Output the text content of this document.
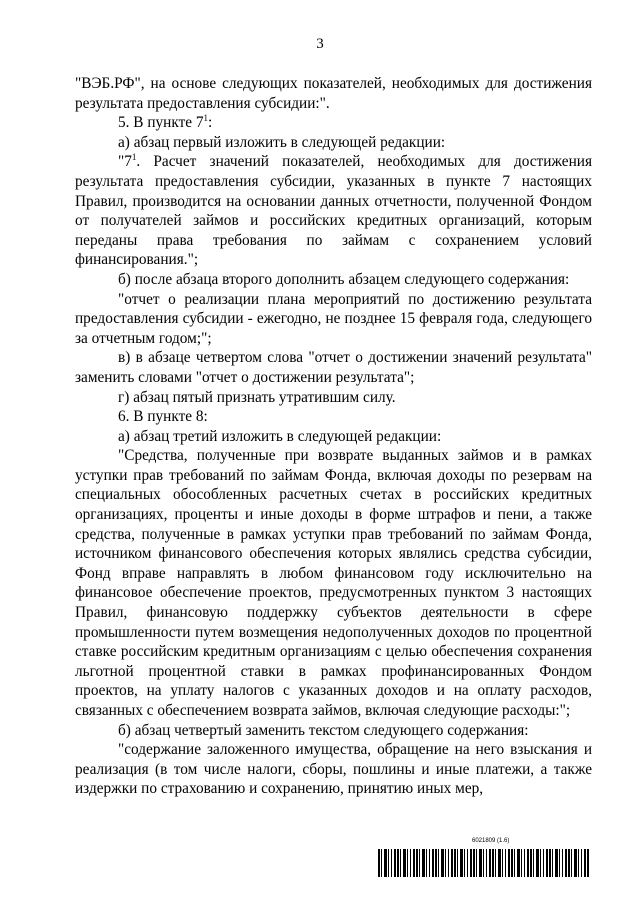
3

"ВЭБ.РФ", на основе следующих показателей, необходимых для достижения результата предоставления субсидии:".

5. В пункте $7^1$:

а) абзац первый изложить в следующей редакции:

"$7^1$. Расчет значений показателей, необходимых для достижения результата предоставления субсидии, указанных в пункте 7 настоящих Правил, производится на основании данных отчетности, полученной Фондом от получателей займов и российских кредитных организаций, которым переданы права требования по займам с сохранением условий финансирования.";

б) после абзаца второго дополнить абзацем следующего содержания:

"отчет о реализации плана мероприятий по достижению результата предоставления субсидии - ежегодно, не позднее 15 февраля года, следующего за отчетным годом;";

в) в абзаце четвертом слова "отчет о достижении значений результата" заменить словами "отчет о достижении результата";

г) абзац пятый признать утратившим силу.

6. В пункте 8:

а) абзац третий изложить в следующей редакции:

"Средства, полученные при возврате выданных займов и в рамках уступки прав требований по займам Фонда, включая доходы по резервам на специальных обособленных расчетных счетах в российских кредитных организациях, проценты и иные доходы в форме штрафов и пени, а также средства, полученные в рамках уступки прав требований по займам Фонда, источником финансового обеспечения которых являлись средства субсидии, Фонд вправе направлять в любом финансовом году исключительно на финансовое обеспечение проектов, предусмотренных пунктом 3 настоящих Правил, финансовую поддержку субъектов деятельности в сфере промышленности путем возмещения недополученных доходов по процентной ставке российским кредитным организациям с целью обеспечения сохранения льготной процентной ставки в рамках профинансированных Фондом проектов, на уплату налогов с указанных доходов и на оплату расходов, связанных с обеспечением возврата займов, включая следующие расходы:";

б) абзац четвертый заменить текстом следующего содержания:

"содержание заложенного имущества, обращение на него взыскания и реализация (в том числе налоги, сборы, пошлины и иные платежи, а также издержки по страхованию и сохранению, принятию иных мер,

6021809 (1.6)
